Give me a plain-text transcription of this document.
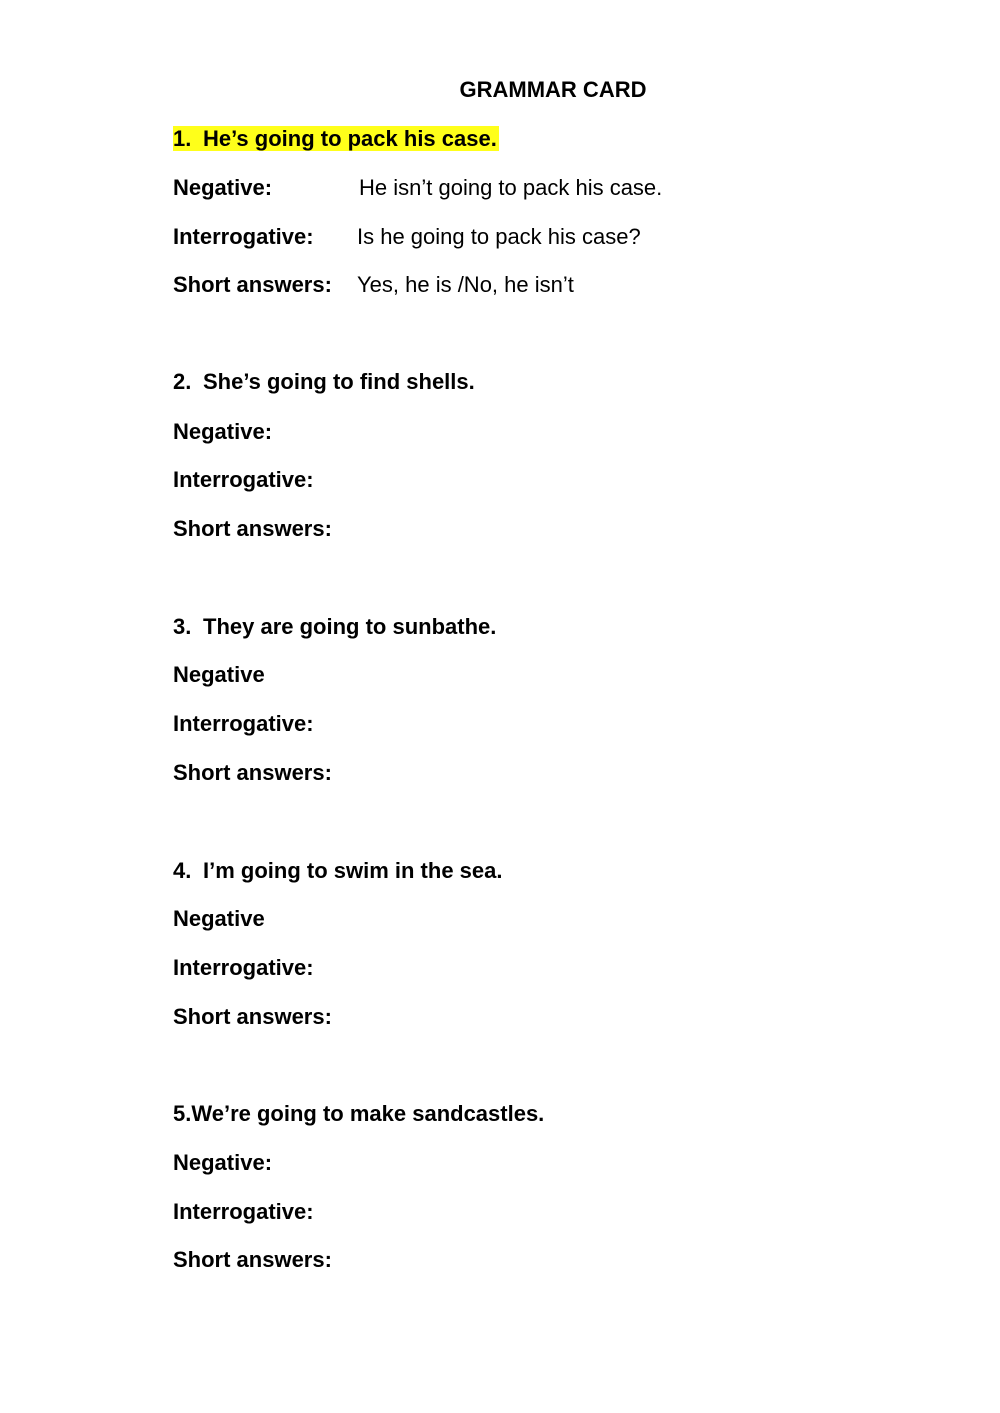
GRAMMAR CARD
1. He’s going to pack his case.
Negative:	He isn’t going to pack his case.
Interrogative: Is he going to pack his case?
Short answers: Yes, he is /No, he isn’t
2. She’s going to find shells.
Negative:
Interrogative:
Short answers:
3. They are going to sunbathe.
Negative
Interrogative:
Short answers:
4. I’m going to swim in the sea.
Negative
Interrogative:
Short answers:
5.We’re going to make sandcastles.
Negative:
Interrogative:
Short answers:
